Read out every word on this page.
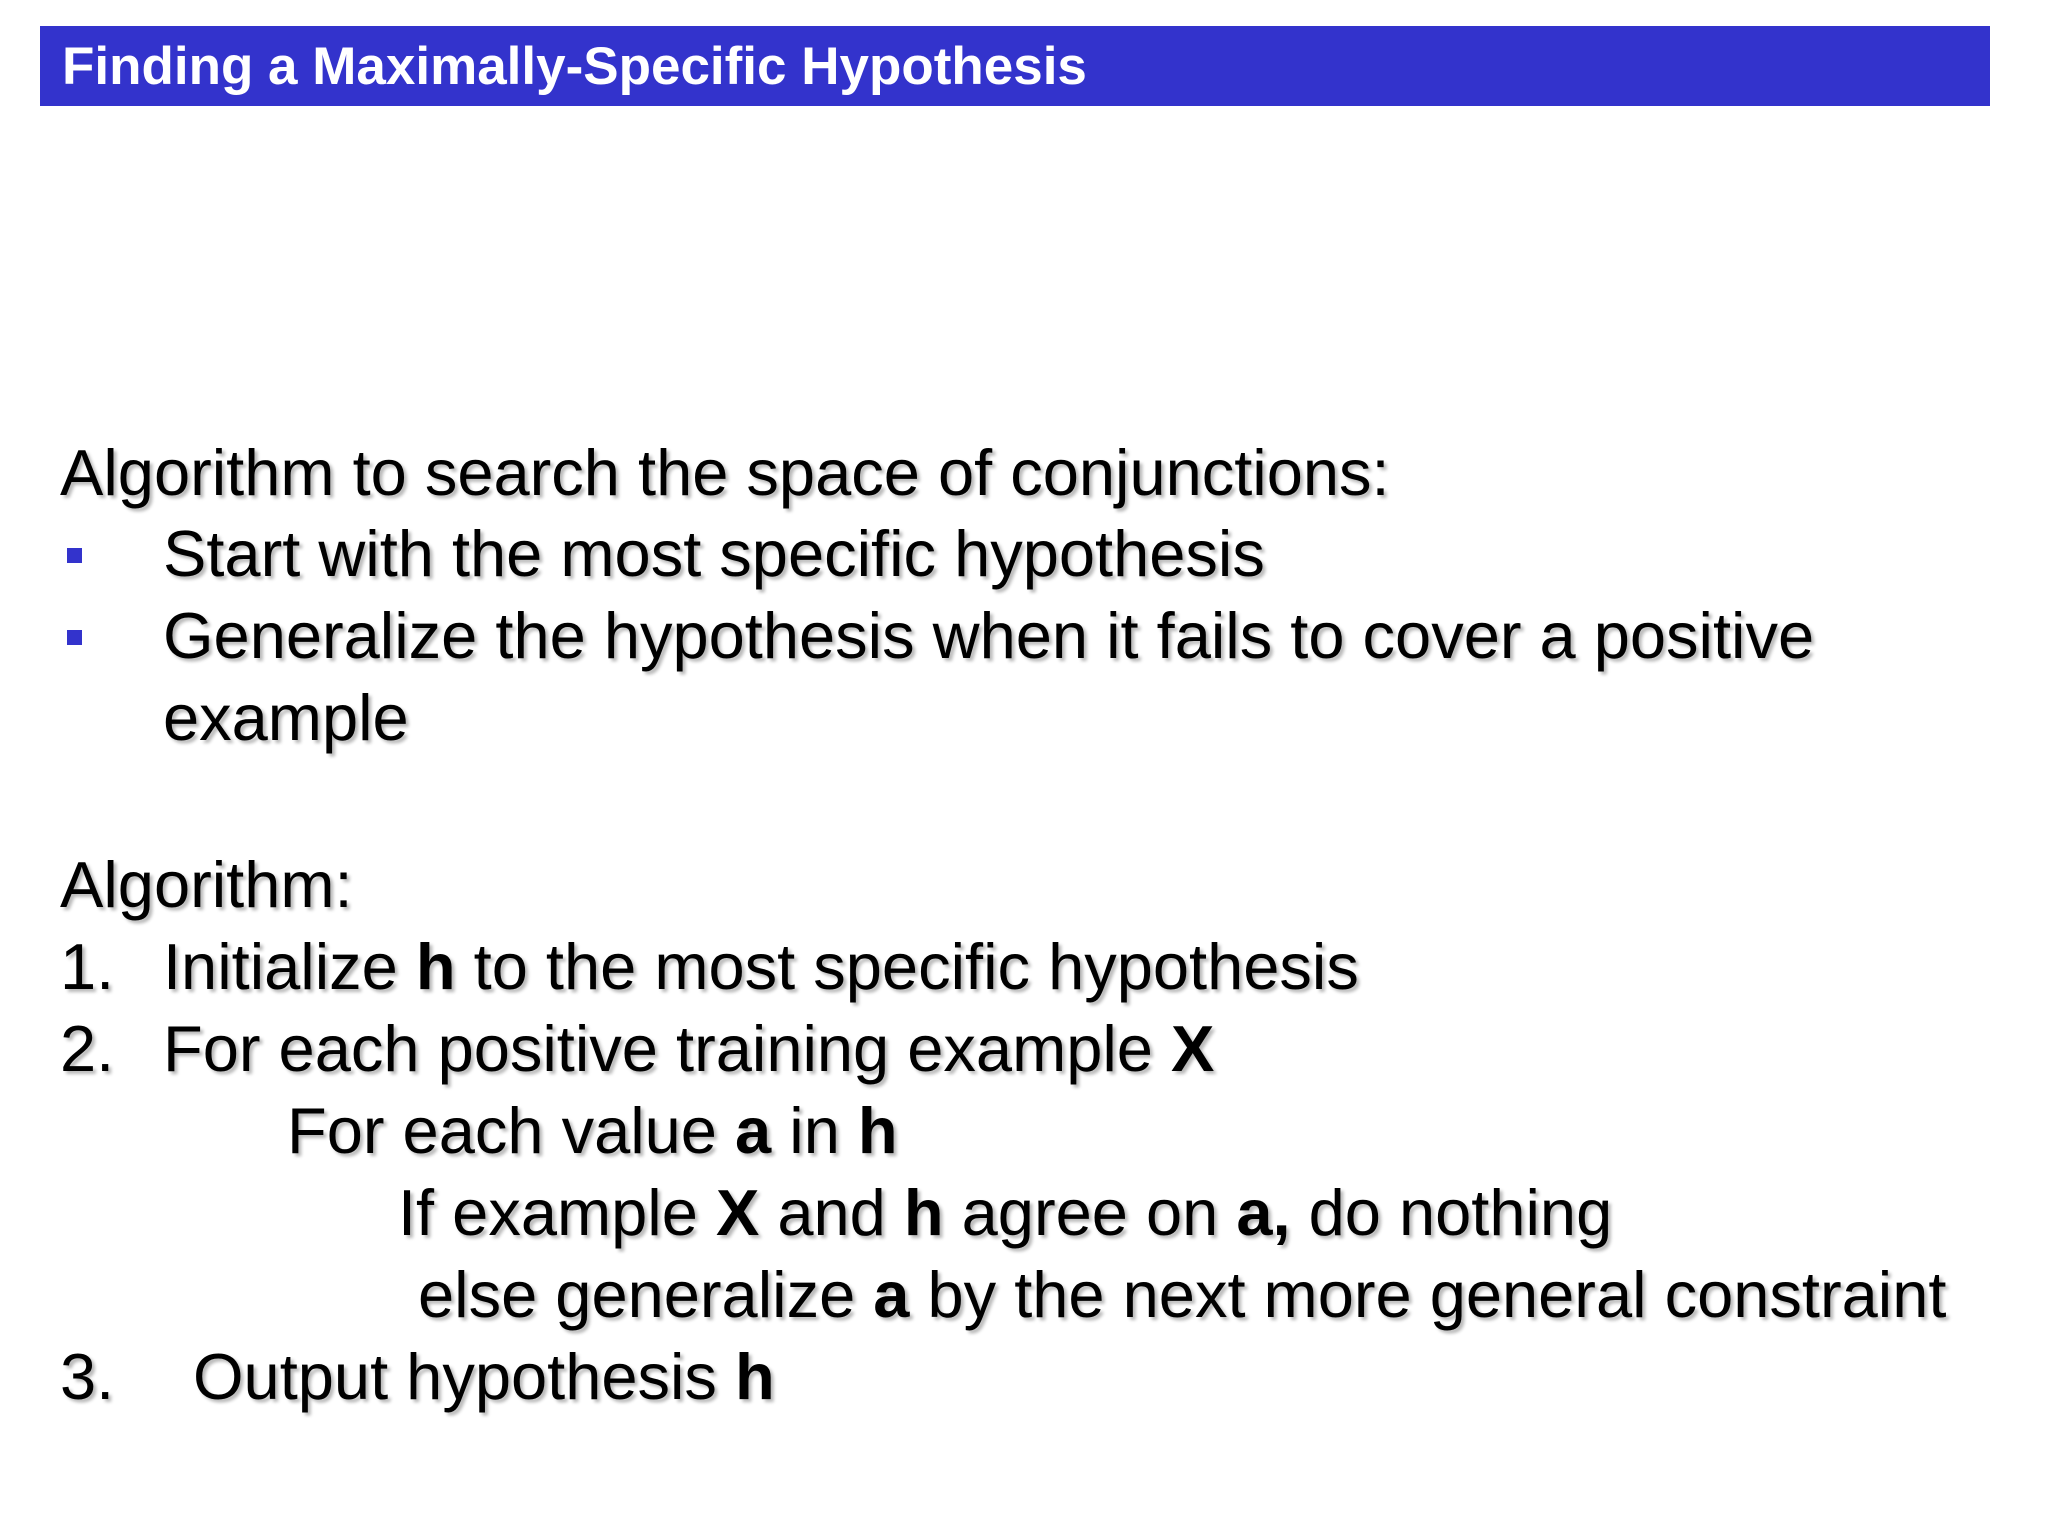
Finding a Maximally-Specific Hypothesis
Algorithm to search the space of conjunctions:
Start with the most specific hypothesis
Generalize the hypothesis when it fails to cover a positive
example
Algorithm:
1. Initialize h to the most specific hypothesis
2. For each positive training example X
For each value a in h
If example X and h agree on a, do nothing
else generalize a by the next more general constraint
3. Output hypothesis h
